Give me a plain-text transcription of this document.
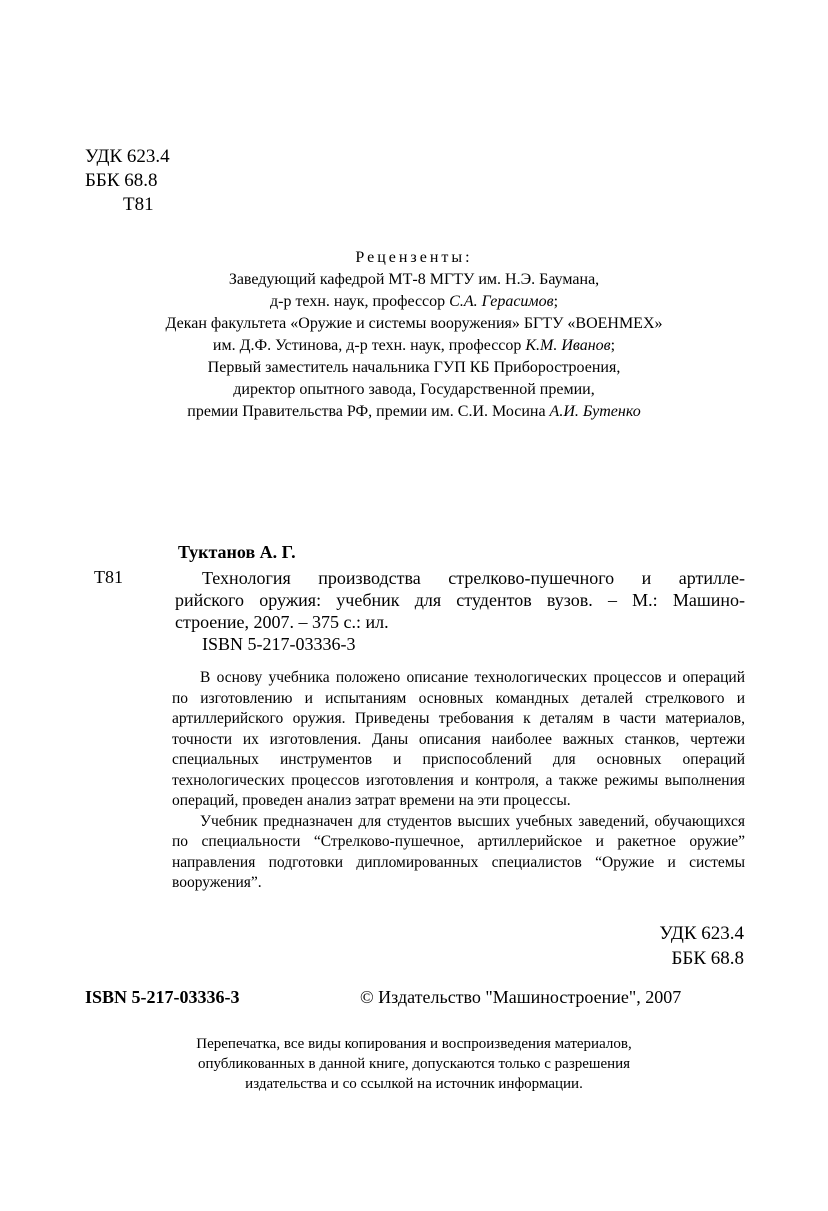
УДК 623.4
ББК 68.8
Т81
Рецензенты:
Заведующий кафедрой МТ-8 МГТУ им. Н.Э. Баумана,
д-р техн. наук, профессор С.А. Герасимов;
Декан факультета «Оружие и системы вооружения» БГТУ «ВОЕНМЕХ»
им. Д.Ф. Устинова, д-р техн. наук, профессор К.М. Иванов;
Первый заместитель начальника ГУП КБ Приборостроения,
директор опытного завода, Государственной премии,
премии Правительства РФ, премии им. С.И. Мосина А.И. Бутенко
Туктанов А. Г.
Т81	Технология производства стрелково-пушечного и артилле-
рийского оружия: учебник для студентов вузов. – М.: Машино-
строение, 2007. – 375 с.: ил.
ISBN 5-217-03336-3

В основу учебника положено описание технологических процессов и операций по изготовлению и испытаниям основных командных деталей стрелкового и артиллерийского оружия. Приведены требования к деталям в части материалов, точности их изготовления. Даны описания наиболее важных станков, чертежи специальных инструментов и приспособлений для основных операций технологических процессов изготовления и контроля, а также режимы выполнения операций, проведен анализ затрат времени на эти процессы.

Учебник предназначен для студентов высших учебных заведений, обучающихся по специальности “Стрелково-пушечное, артиллерийское и ракетное оружие” направления подготовки дипломированных специалистов “Оружие и системы вооружения”.

УДК 623.4
ББК 68.8
ISBN 5-217-03336-3	© Издательство "Машиностроение", 2007
Перепечатка, все виды копирования и воспроизведения материалов,
опубликованных в данной книге, допускаются только с разрешения
издательства и со ссылкой на источник информации.
